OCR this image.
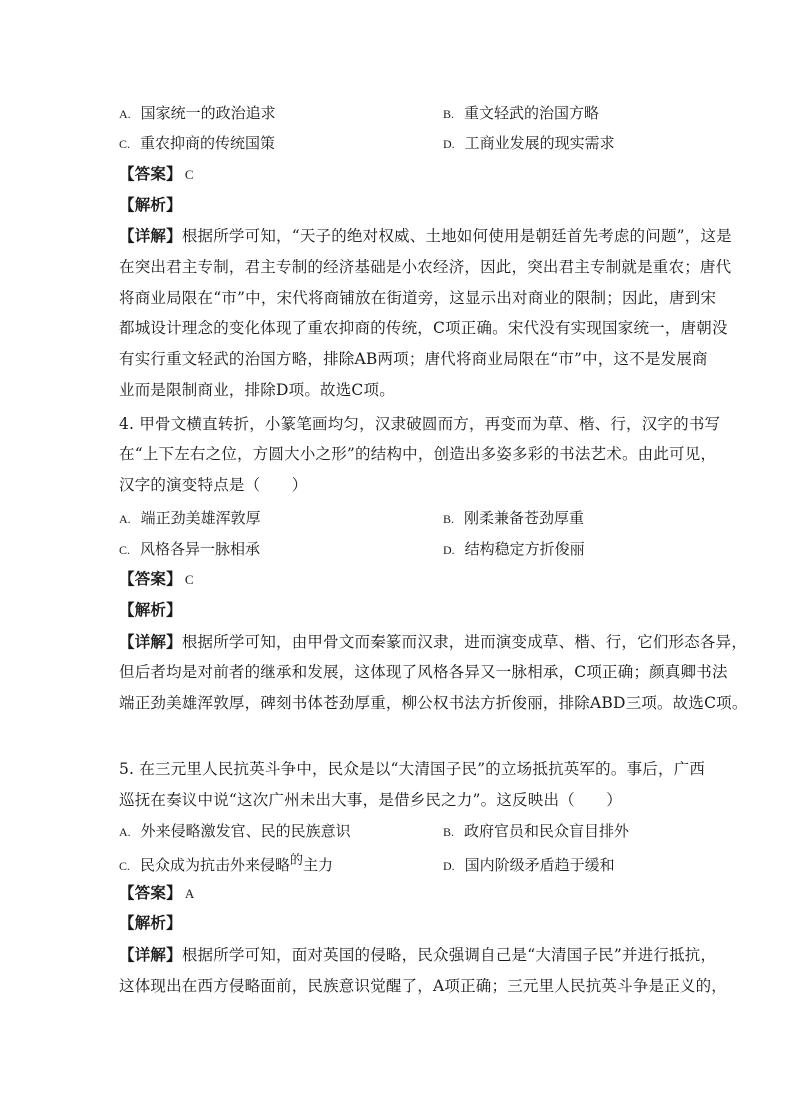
A. 国家统一的政治追求	B. 重文轻武的治国方略
C. 重农抑商的传统国策	D. 工商业发展的现实需求
【答案】 C
【解析】
【详解】根据所学可知，“天子的绝对权威、土地如何使用是朝廷首先考虑的问题”，这是
在突出君主专制，君主专制的经济基础是小农经济，因此，突出君主专制就是重农；唐代
将商业局限在“市”中，宋代将商铺放在街道旁，这显示出对商业的限制；因此，唐到宋
都城设计理念的变化体现了重农抑商的传统，C项正确。宋代没有实现国家统一，唐朝没
有实行重文轻武的治国方略，排除AB两项；唐代将商业局限在“市”中，这不是发展商
业而是限制商业，排除D项。故选C项。
4. 甲骨文横直转折，小篆笔画均匀，汉隶破圆而方，再变而为草、楷、行，汉字的书写
在“上下左右之位，方圆大小之形”的结构中，创造出多姿多彩的书法艺术。由此可见，
汉字的演变特点是（　　）
A. 端正劲美雄浑敦厚	B. 刚柔兼备苍劲厚重
C. 风格各异一脉相承	D. 结构稳定方折俊丽
【答案】 C
【解析】
【详解】根据所学可知，由甲骨文而秦篆而汉隶，进而演变成草、楷、行，它们形态各异，
但后者均是对前者的继承和发展，这体现了风格各异又一脉相承，C项正确；颜真卿书法
端正劲美雄浑敦厚，碑刻书体苍劲厚重，柳公权书法方折俊丽，排除ABD三项。故选C项。
5. 在三元里人民抗英斗争中，民众是以“大清国子民”的立场抵抗英军的。事后，广西
巡抚在奏议中说“这次广州未出大事，是借乡民之力”。这反映出（　　）
A. 外来侵略激发官、民的民族意识	B. 政府官员和民众盲目排外
C. 民众成为抗击外来侵略的主力	D. 国内阶级矛盾趋于缓和
【答案】 A
【解析】
【详解】根据所学可知，面对英国的侵略，民众强调自己是“大清国子民”并进行抵抗，
这体现出在西方侵略面前，民族意识觉醒了，A项正确；三元里人民抗英斗争是正义的，
